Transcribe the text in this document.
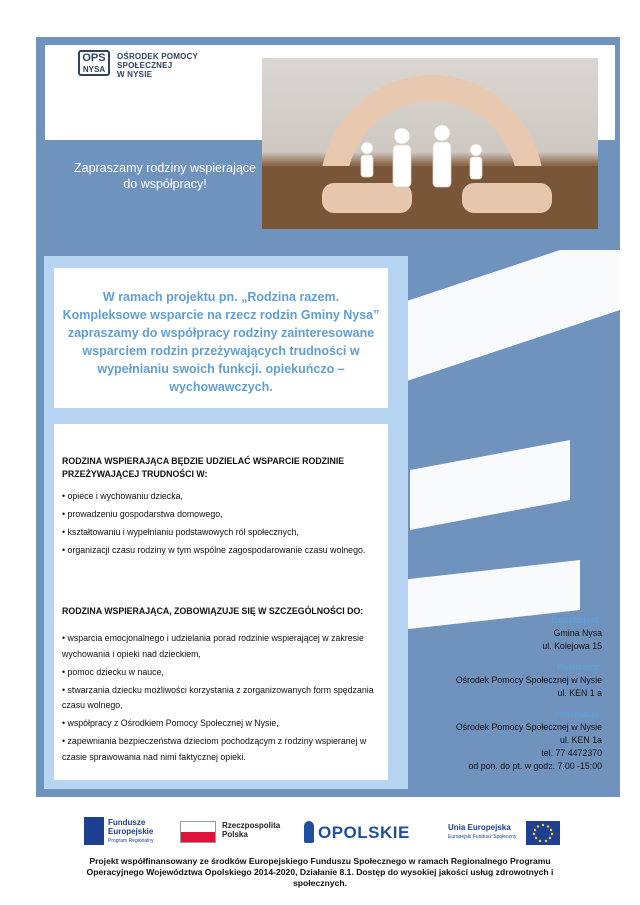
OPS
NYSA
OŚRODEK POMOCY
SPOŁECZNEJ
W NYSIE
Zapraszamy rodziny wspierające do współpracy!
W ramach projektu pn. „Rodzina razem. Kompleksowe wsparcie na rzecz rodzin Gminy Nysa” zapraszamy do współpracy rodziny zainteresowane wsparciem rodzin przeżywających trudności w wypełnianiu swoich funkcji. opiekuńczo – wychowawczych.
RODZINA WSPIERAJĄCA BĘDZIE UDZIELAĆ WSPARCIE RODZINIE PRZEŻYWAJĄCEJ TRUDNOŚCI W:
• opiece i wychowaniu dziecka,
• prowadzeniu gospodarstwa domowego,
• kształtowaniu i wypełnianiu podstawowych ról społecznych,
• organizacji czasu rodziny w tym wspólne zagospodarowanie czasu wolnego.
RODZINA WSPIERAJĄCA, ZOBOWIĄZUJE SIĘ W SZCZEGÓLNOŚCI DO:
• wsparcia emocjonalnego i udzielania porad rodzinie wspierającej w zakresie wychowania i opieki nad dzieckiem,
• pomoc dziecku w nauce,
• stwarzania dziecku możliwości korzystania z zorganizowanych form spędzania czasu wolnego,
• współpracy z Ośrodkiem Pomocy Społecznej w Nysie,
• zapewniania bezpieczeństwa dzieciom pochodzącym z rodziny wspieranej w czasie sprawowania nad nimi faktycznej opieki.
Beneficjent:
Gmina Nysa
ul. Kolejowa 15
Realizator:
Ośrodek Pomocy Społecznej w Nysie
ul. KEN 1 a
Informacje:
Ośrodek Pomocy Społecznej w Nysie
ul. KEN 1a
tel. 77 4472370
od pon. do pt. w godz. 7:00 -15:00
Fundusze
Europejskie
Program Regionalny
Rzeczpospolita
Polska	OPOLSKIE	Unia Europejska
Europejski Fundusz Społeczny
Projekt współfinansowany ze środków Europejskiego Funduszu Społecznego w ramach Regionalnego Programu Operacyjnego Województwa Opolskiego 2014-2020, Działanie 8.1. Dostęp do wysokiej jakości usług zdrowotnych i społecznych.
